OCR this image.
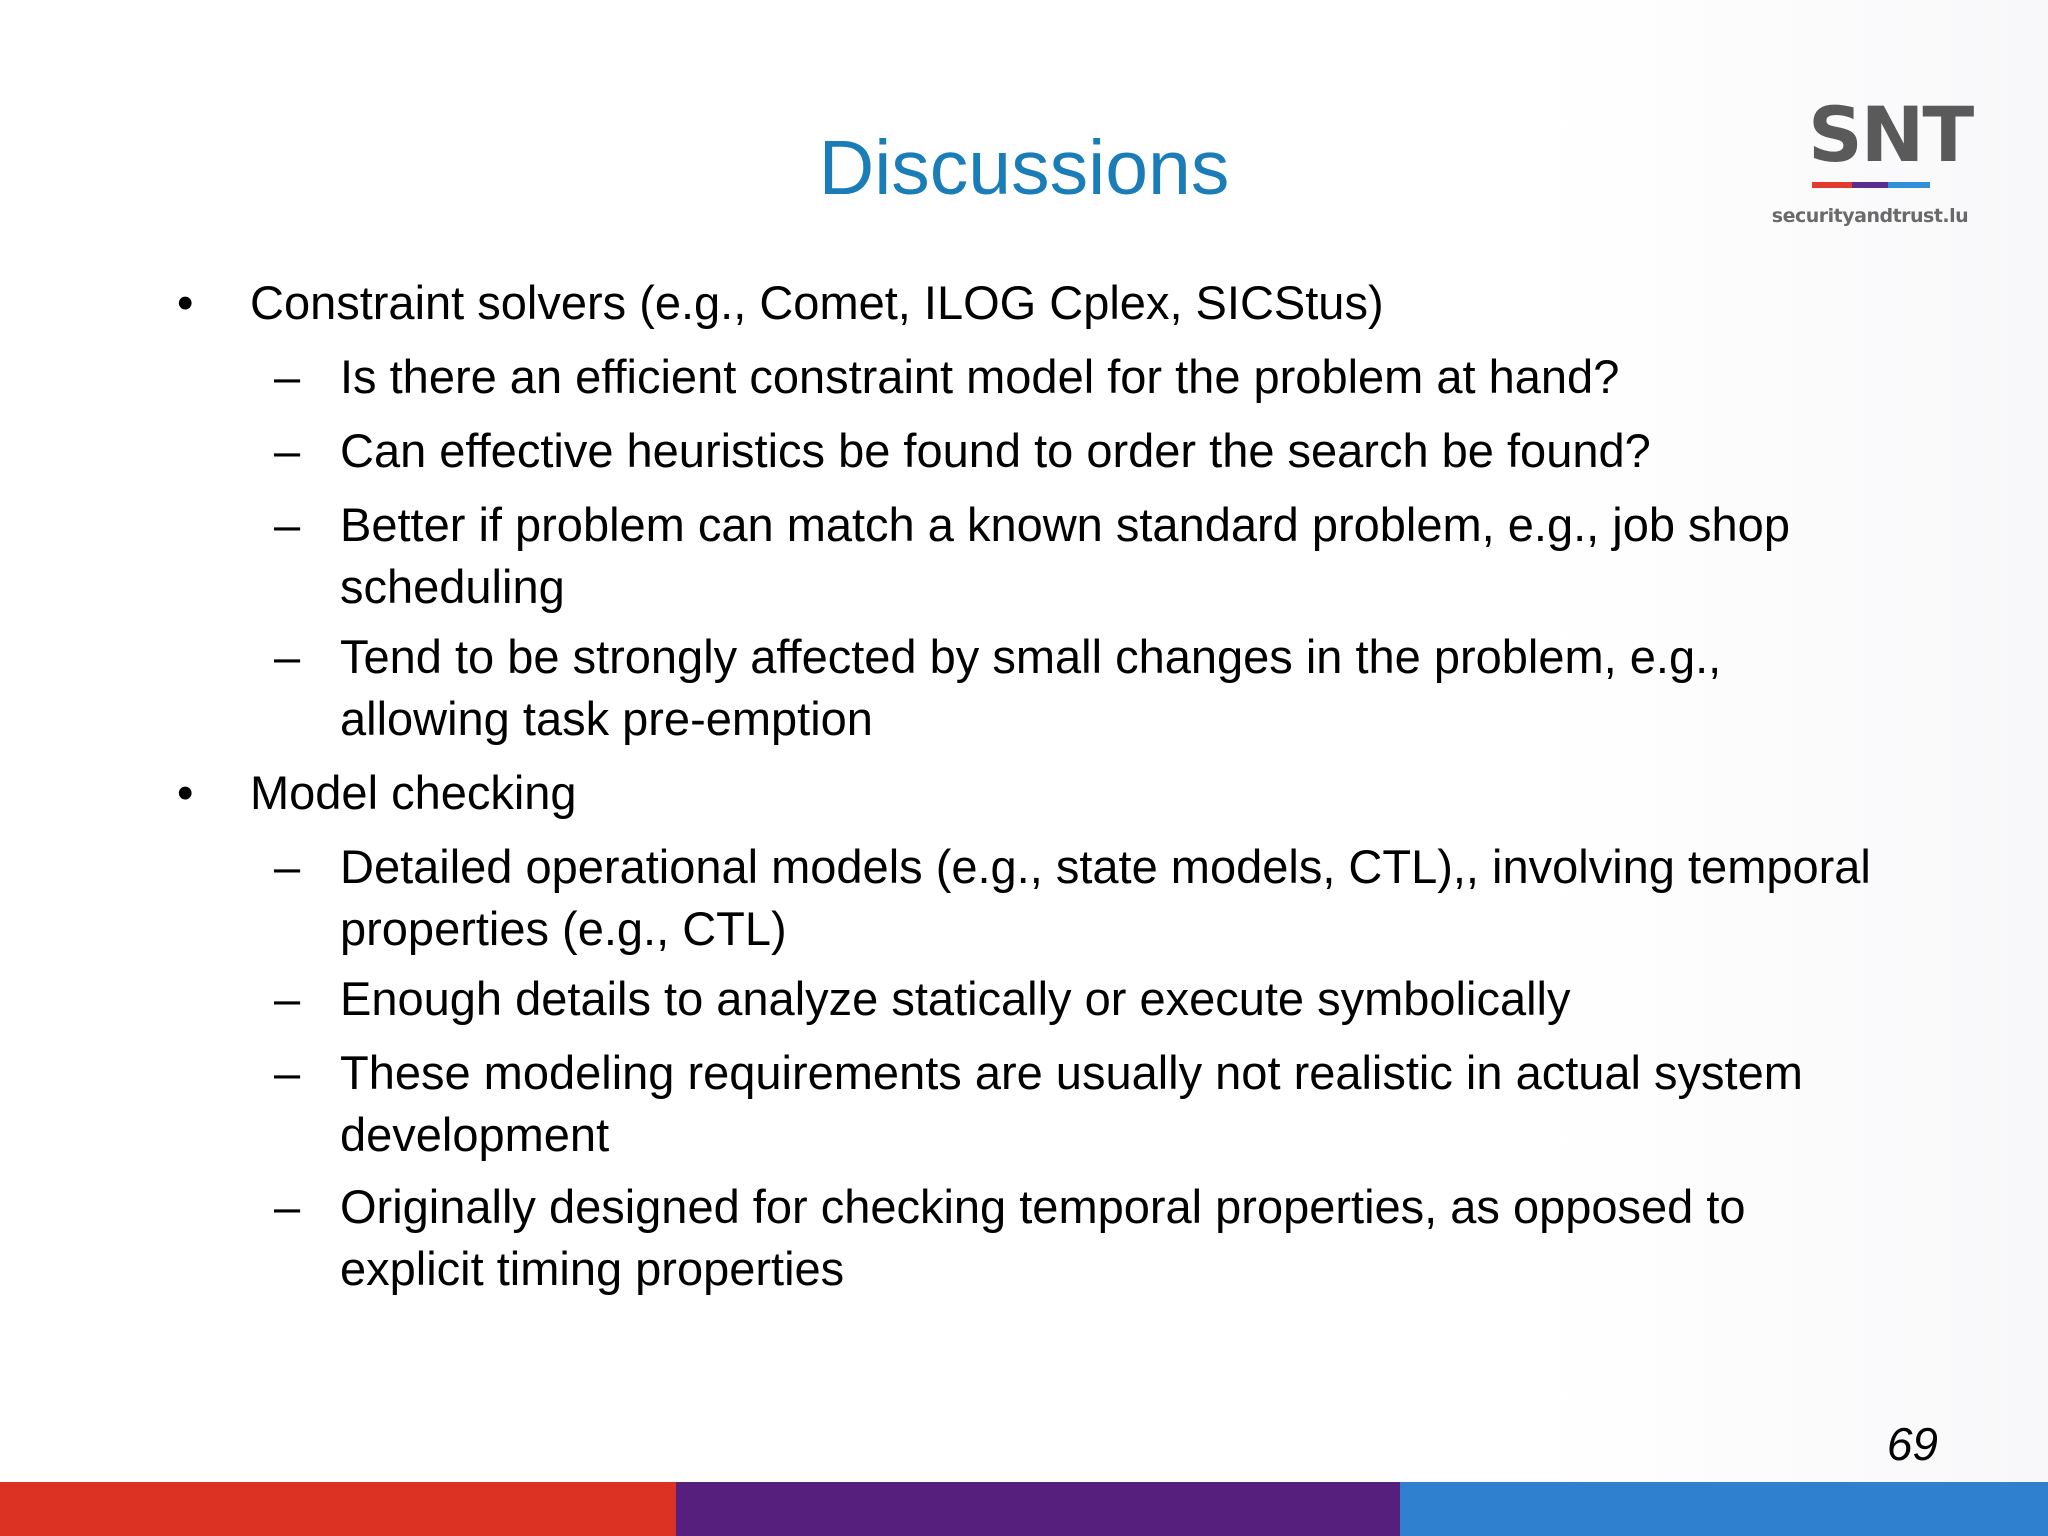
Discussions	SNT
securityandtrust.lu
• Constraint solvers (e.g., Comet, ILOG Cplex, SICStus)
– Is there an efficient constraint model for the problem at hand?
– Can effective heuristics be found to order the search be found?
– Better if problem can match a known standard problem, e.g., job shop scheduling
– Tend to be strongly affected by small changes in the problem, e.g., allowing task pre-emption
• Model checking
– Detailed operational models (e.g., state models, CTL),, involving temporal properties (e.g., CTL)
– Enough details to analyze statically or execute symbolically
– These modeling requirements are usually not realistic in actual system development
– Originally designed for checking temporal properties, as opposed to explicit timing properties
69
